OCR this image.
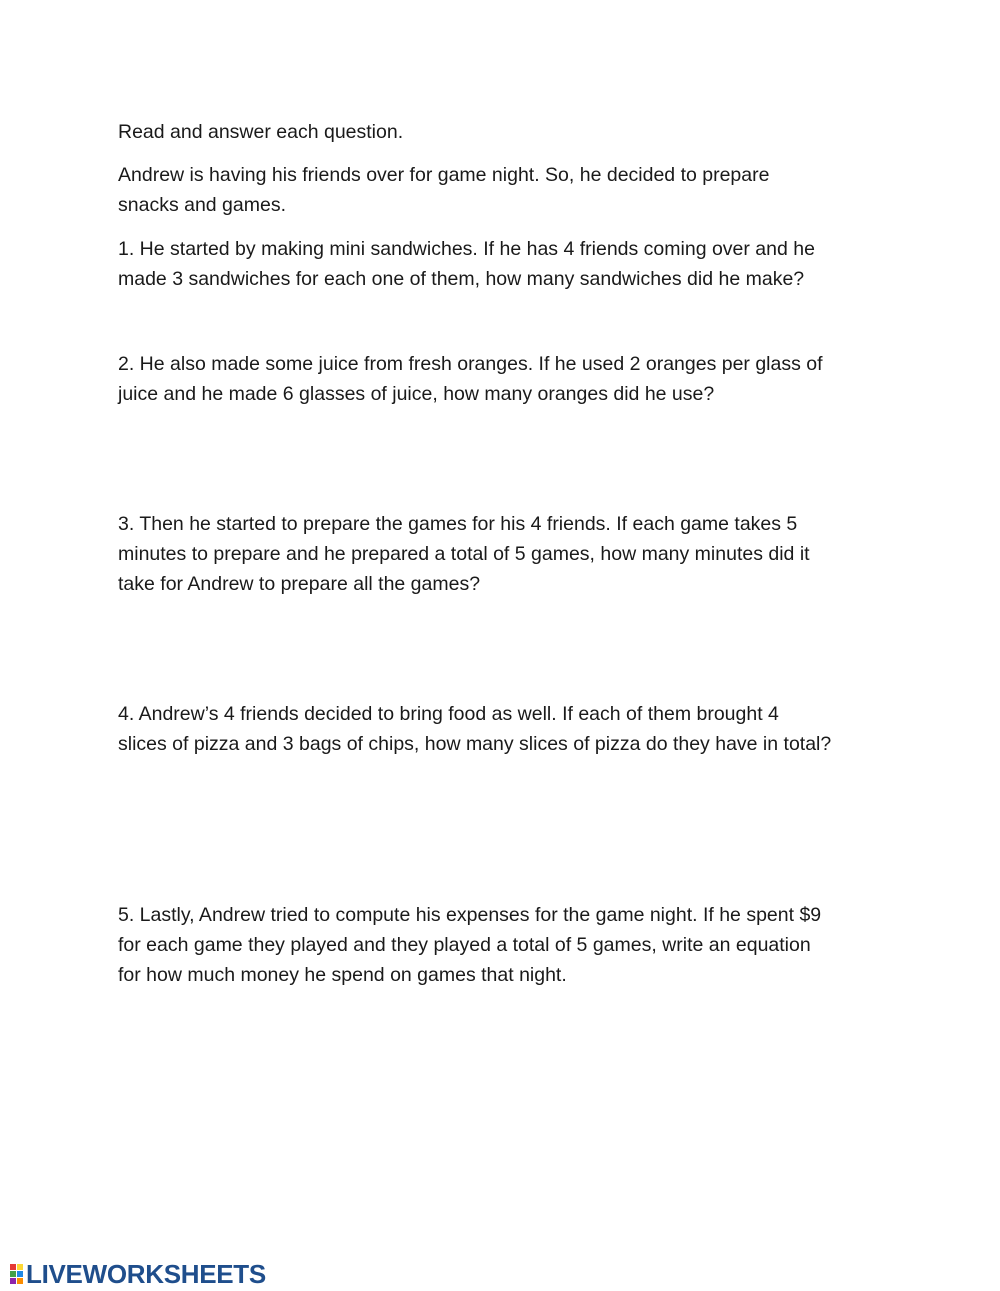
Read and answer each question.
Andrew is having his friends over for game night. So, he decided to prepare
snacks and games.
1. He started by making mini sandwiches. If he has 4 friends coming over and he
made 3 sandwiches for each one of them, how many sandwiches did he make?
2. He also made some juice from fresh oranges. If he used 2 oranges per glass of
juice and he made 6 glasses of juice, how many oranges did he use?
3. Then he started to prepare the games for his 4 friends. If each game takes 5
minutes to prepare and he prepared a total of 5 games, how many minutes did it
take for Andrew to prepare all the games?
4. Andrew’s 4 friends decided to bring food as well. If each of them brought 4
slices of pizza and 3 bags of chips, how many slices of pizza do they have in total?
5. Lastly, Andrew tried to compute his expenses for the game night. If he spent $9
for each game they played and they played a total of 5 games, write an equation
for how much money he spend on games that night.
LIVEWORKSHEETS
